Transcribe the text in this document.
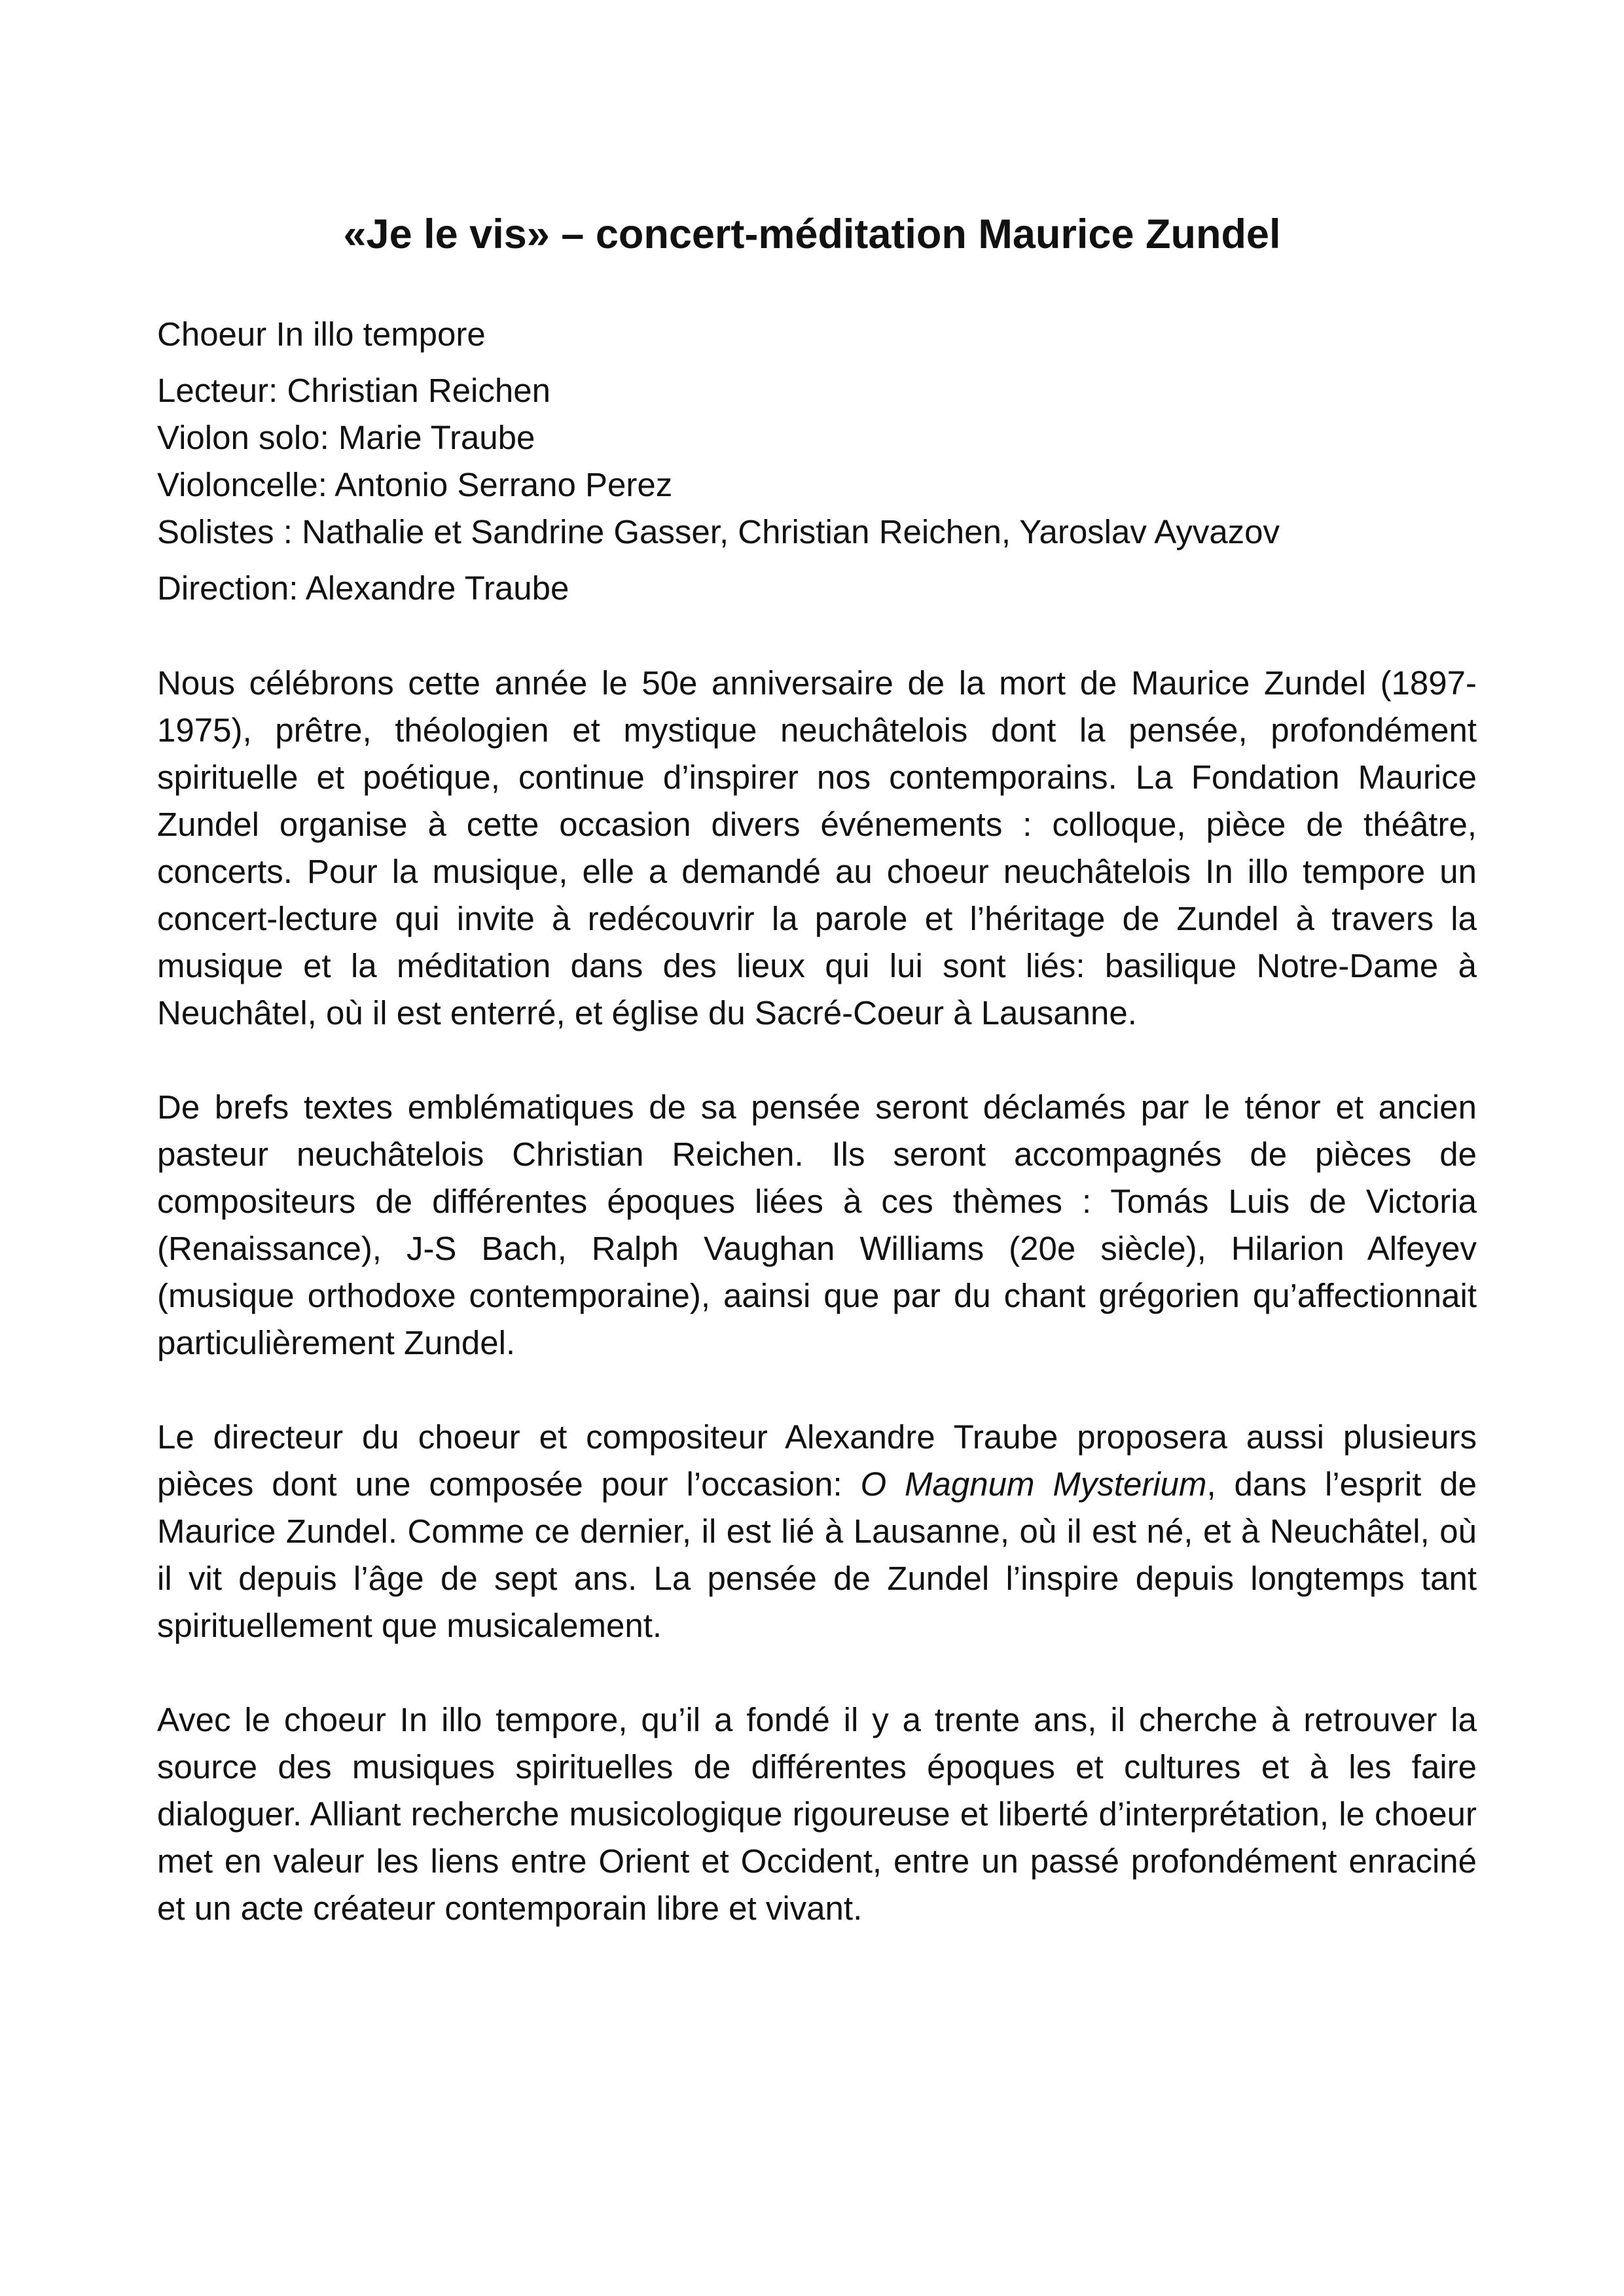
«Je le vis» – concert-méditation Maurice Zundel
Choeur In illo tempore
Lecteur: Christian Reichen
Violon solo: Marie Traube
Violoncelle: Antonio Serrano Perez
Solistes : Nathalie et Sandrine Gasser, Christian Reichen, Yaroslav Ayvazov
Direction: Alexandre Traube

Nous célébrons cette année le 50e anniversaire de la mort de Maurice Zundel (1897-1975), prêtre, théologien et mystique neuchâtelois dont la pensée, profondément spirituelle et poétique, continue d’inspirer nos contemporains. La Fondation Maurice Zundel organise à cette occasion divers événements : colloque, pièce de théâtre, concerts. Pour la musique, elle a demandé au choeur neuchâtelois In illo tempore un concert-lecture qui invite à redécouvrir la parole et l’héritage de Zundel à travers la musique et la méditation dans des lieux qui lui sont liés: basilique Notre-Dame à Neuchâtel, où il est enterré, et église du Sacré-Coeur à Lausanne.

De brefs textes emblématiques de sa pensée seront déclamés par le ténor et ancien pasteur neuchâtelois Christian Reichen. Ils seront accompagnés de pièces de compositeurs de différentes époques liées à ces thèmes : Tomás Luis de Victoria (Renaissance), J-S Bach, Ralph Vaughan Williams (20e siècle), Hilarion Alfeyev (musique orthodoxe contemporaine), aainsi que par du chant grégorien qu’affectionnait particulièrement Zundel.

Le directeur du choeur et compositeur Alexandre Traube proposera aussi plusieurs pièces dont une composée pour l’occasion: O Magnum Mysterium, dans l’esprit de Maurice Zundel. Comme ce dernier, il est lié à Lausanne, où il est né, et à Neuchâtel, où il vit depuis l’âge de sept ans. La pensée de Zundel l’inspire depuis longtemps tant spirituellement que musicalement.

Avec le choeur In illo tempore, qu’il a fondé il y a trente ans, il cherche à retrouver la source des musiques spirituelles de différentes époques et cultures et à les faire dialoguer. Alliant recherche musicologique rigoureuse et liberté d’interprétation, le choeur met en valeur les liens entre Orient et Occident, entre un passé profondément enraciné et un acte créateur contemporain libre et vivant.
